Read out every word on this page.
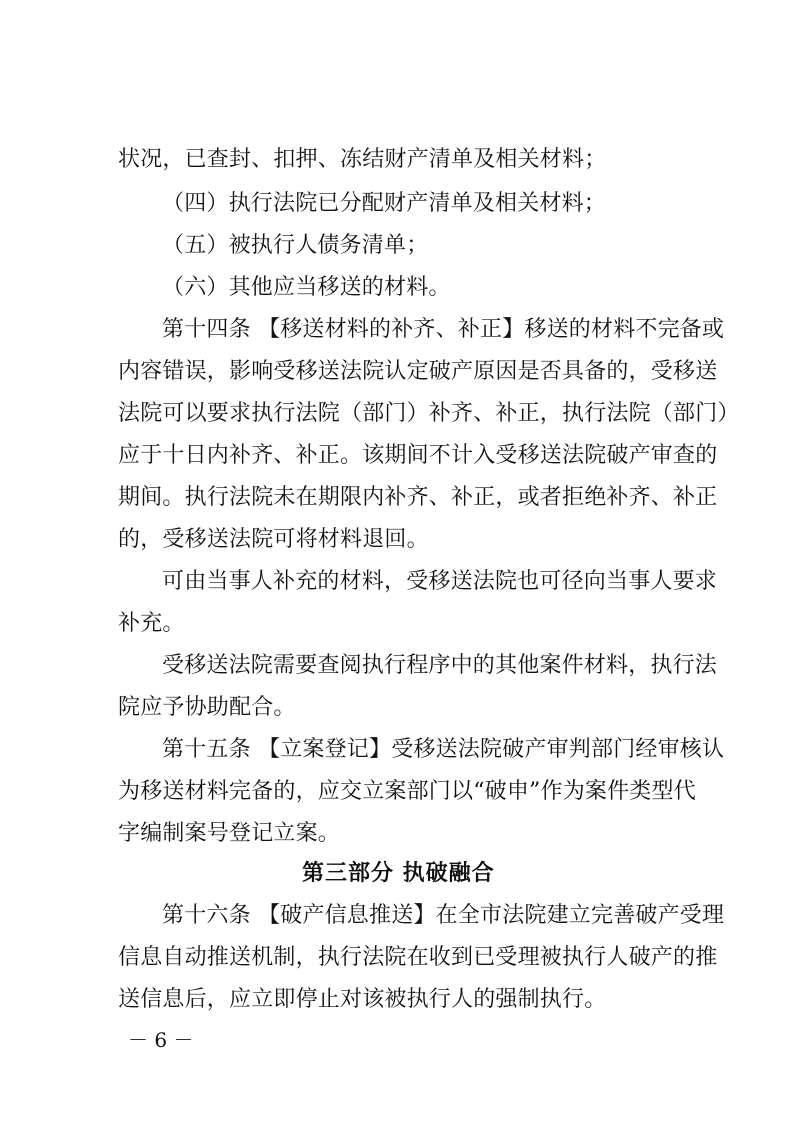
状况，已查封、扣押、冻结财产清单及相关材料；
（四）执行法院已分配财产清单及相关材料；
（五）被执行人债务清单；
（六）其他应当移送的材料。
第十四条 【移送材料的补齐、补正】移送的材料不完备或
内容错误，影响受移送法院认定破产原因是否具备的，受移送
法院可以要求执行法院（部门）补齐、补正，执行法院（部门）
应于十日内补齐、补正。该期间不计入受移送法院破产审查的
期间。执行法院未在期限内补齐、补正，或者拒绝补齐、补正
的，受移送法院可将材料退回。
可由当事人补充的材料，受移送法院也可径向当事人要求
补充。
受移送法院需要查阅执行程序中的其他案件材料，执行法
院应予协助配合。
第十五条 【立案登记】受移送法院破产审判部门经审核认
为移送材料完备的，应交立案部门以“破申”作为案件类型代
字编制案号登记立案。
第三部分 执破融合
第十六条 【破产信息推送】在全市法院建立完善破产受理
信息自动推送机制，执行法院在收到已受理被执行人破产的推
送信息后，应立即停止对该被执行人的强制执行。
－ 6 －
